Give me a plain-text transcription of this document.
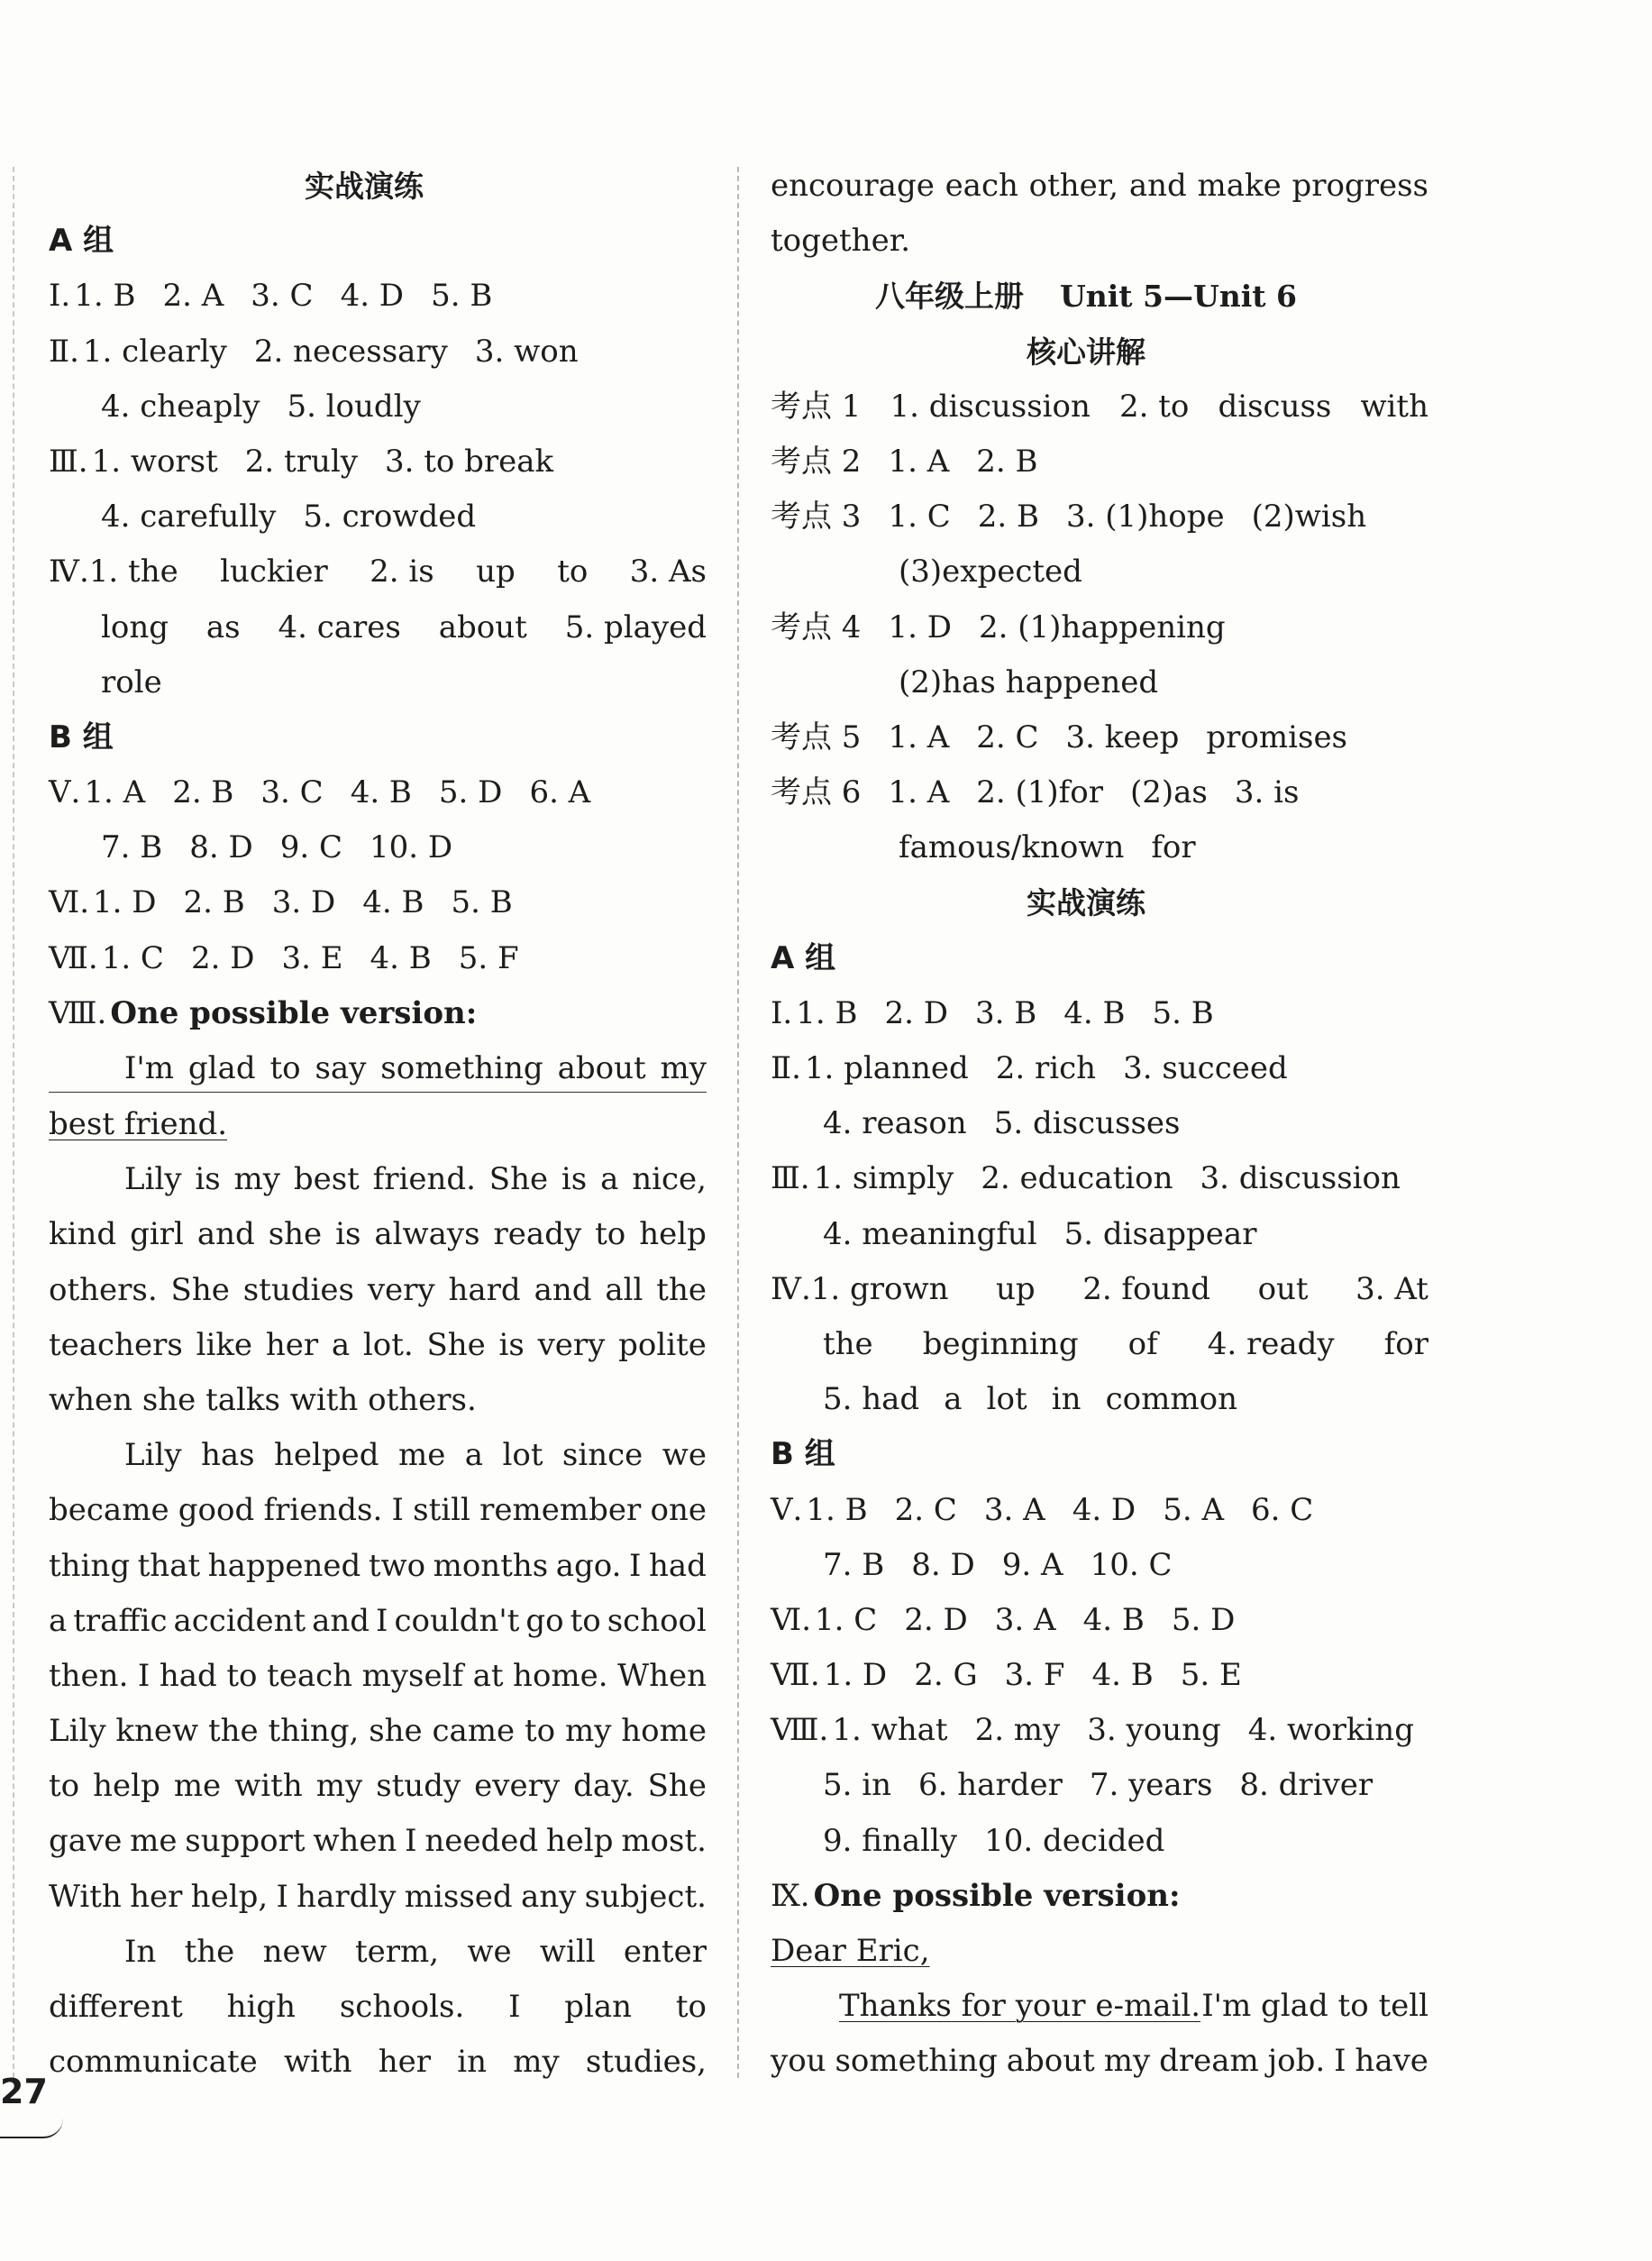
实战演练
A 组
Ⅰ. 1. B 2. A 3. C 4. D 5. B
Ⅱ. 1. clearly 2. necessary 3. won
4. cheaply 5. loudly
Ⅲ. 1. worst 2. truly 3. to break
4. carefully 5. crowded
Ⅳ.1. the luckier 2. is up to 3. As
long as 4. cares about 5. played
role
B 组
Ⅴ. 1. A 2. B 3. C 4. B 5. D 6. A
7. B 8. D 9. C 10. D
Ⅵ. 1. D 2. B 3. D 4. B 5. B
Ⅶ. 1. C 2. D 3. E 4. B 5. F
Ⅷ. One possible version:
I'm glad to say something about my
best friend.
Lily is my best friend. She is a nice,
kind girl and she is always ready to help
others. She studies very hard and all the
teachers like her a lot. She is very polite
when she talks with others.
Lily has helped me a lot since we
became good friends. I still remember one
thing that happened two months ago. I had
a traffic accident and I couldn't go to school
then. I had to teach myself at home. When
Lily knew the thing, she came to my home
to help me with my study every day. She
gave me support when I needed help most.
With her help, I hardly missed any subject.
In the new term, we will enter
different high schools. I plan to
communicate with her in my studies,
encourage each other, and make progress
together.
八年级上册 Unit 5—Unit 6
核心讲解
考点 1 1. discussion 2. to discuss with
考点 2 1. A 2. B
考点 3 1. C 2. B 3. (1)hope (2)wish
(3)expected
考点 4 1. D 2. (1)happening
(2)has happened
考点 5 1. A 2. C 3. keep promises
考点 6 1. A 2. (1)for (2)as 3. is
famous/known for
实战演练
A 组
Ⅰ. 1. B 2. D 3. B 4. B 5. B
Ⅱ. 1. planned 2. rich 3. succeed
4. reason 5. discusses
Ⅲ. 1. simply 2. education 3. discussion
4. meaningful 5. disappear
Ⅳ.1. grown up 2. found out 3. At
the beginning of 4. ready for
5. had a lot in common
B 组
Ⅴ. 1. B 2. C 3. A 4. D 5. A 6. C
7. B 8. D 9. A 10. C
Ⅵ. 1. C 2. D 3. A 4. B 5. D
Ⅶ. 1. D 2. G 3. F 4. B 5. E
Ⅷ. 1. what 2. my 3. young 4. working
5. in 6. harder 7. years 8. driver
9. finally 10. decided
Ⅸ. One possible version:
Dear Eric,
Thanks for your e-mail. I'm glad to tell
you something about my dream job. I have
27
